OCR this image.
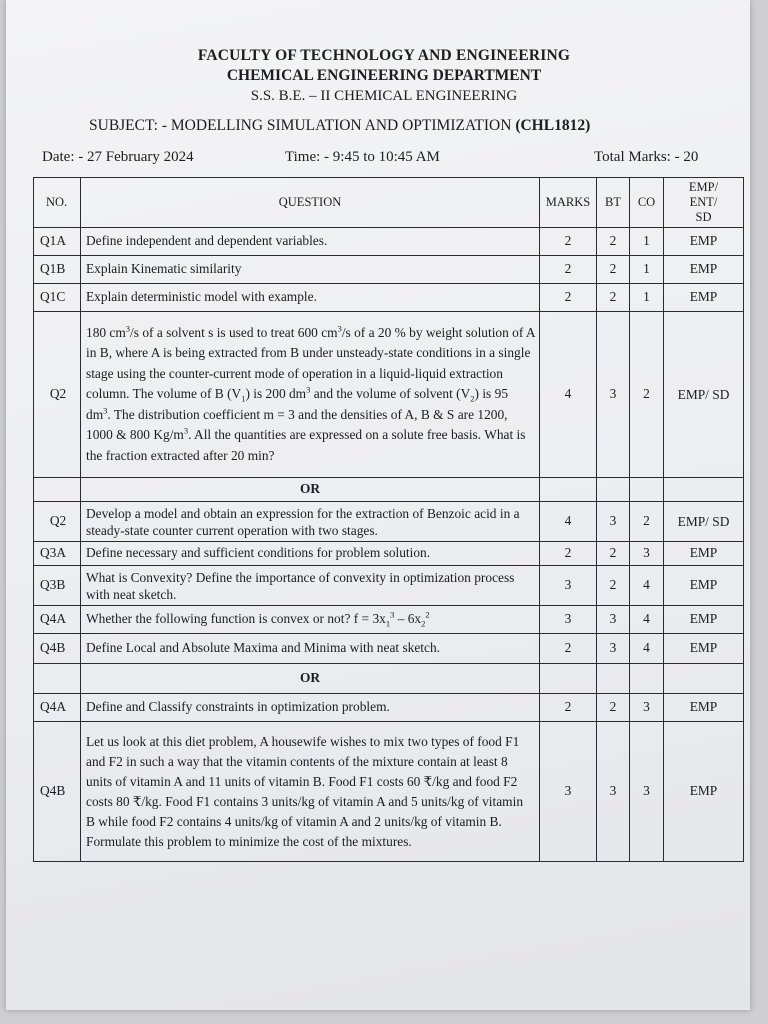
FACULTY OF TECHNOLOGY AND ENGINEERING
CHEMICAL ENGINEERING DEPARTMENT
S.S. B.E. – II CHEMICAL ENGINEERING
SUBJECT: - MODELLING SIMULATION AND OPTIMIZATION (CHL1812)
Date: - 27 February 2024	Time: - 9:45 to 10:45 AM	Total Marks: - 20
NO.	QUESTION	MARKS	BT	CO	EMP/
ENT/
SD
Q1A	Define independent and dependent variables.	2	2	1	EMP
Q1B	Explain Kinematic similarity	2	2	1	EMP
Q1C	Explain deterministic model with example.	2	2	1	EMP
Q2	180 $cm^3/s$ of a solvent s is used to treat 600 $cm^3/s$ of a 20 % by weight solution of A in B, where A is being extracted from B under unsteady-state conditions in a single stage using the counter-current mode of operation in a liquid-liquid extraction column. The volume of B $(V_1)$ is 200 $dm^3$ and the volume of solvent $(V_2)$ is 95 $dm^3$. The distribution coefficient m = 3 and the densities of A, B & S are 1200, 1000 & 800 $Kg/m^3$. All the quantities are expressed on a solute free basis. What is the fraction extracted after 20 min?	4	3	2	EMP/ SD
	OR				
Q2	Develop a model and obtain an expression for the extraction of Benzoic acid in a steady-state counter current operation with two stages.	4	3	2	EMP/ SD
Q3A	Define necessary and sufficient conditions for problem solution.	2	2	3	EMP
Q3B	What is Convexity? Define the importance of convexity in optimization process with neat sketch.	3	2	4	EMP
Q4A	Whether the following function is convex or not? $f = 3x_1^3 - 6x_2^2$	3	3	4	EMP
Q4B	Define Local and Absolute Maxima and Minima with neat sketch.	2	3	4	EMP
	OR				
Q4A	Define and Classify constraints in optimization problem.	2	2	3	EMP
Q4B	Let us look at this diet problem, A housewife wishes to mix two types of food F1 and F2 in such a way that the vitamin contents of the mixture contain at least 8 units of vitamin A and 11 units of vitamin B. Food F1 costs 60 ₹/kg and food F2 costs 80 ₹/kg. Food F1 contains 3 units/kg of vitamin A and 5 units/kg of vitamin B while food F2 contains 4 units/kg of vitamin A and 2 units/kg of vitamin B. Formulate this problem to minimize the cost of the mixtures.	3	3	3	EMP
